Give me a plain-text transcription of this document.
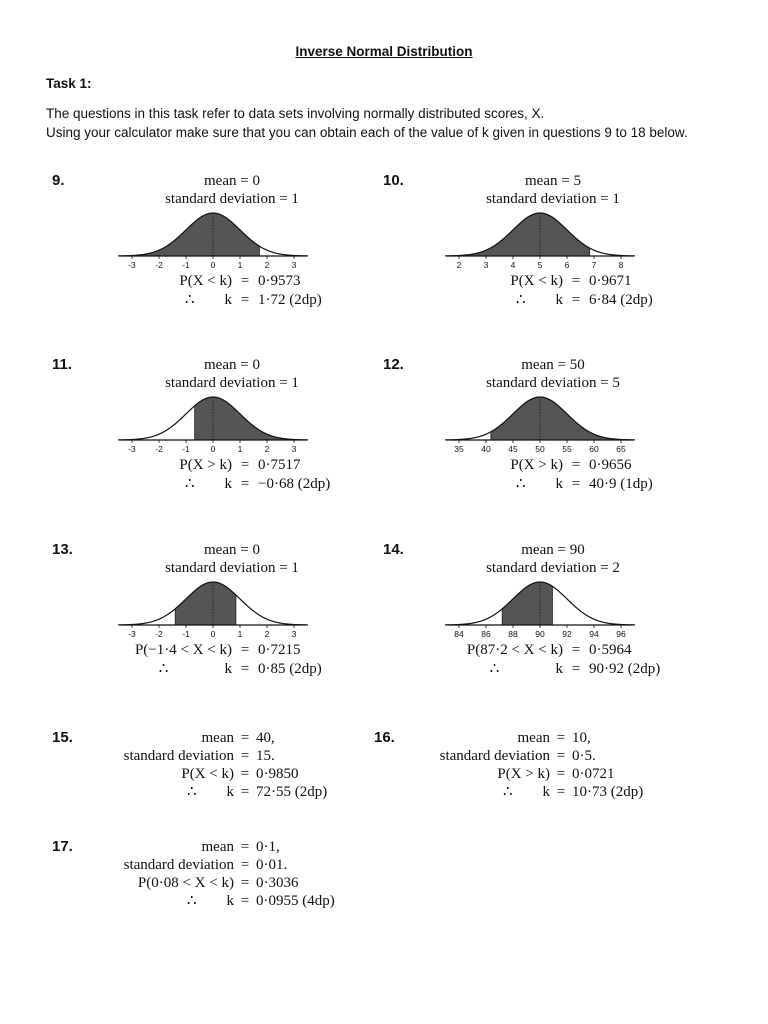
Inverse Normal Distribution
Task 1:

The questions in this task refer to data sets involving normally distributed scores, X.

Using your calculator make sure that you can obtain each of the value of k given in questions 9 to 18 below.

9.	mean = 0
standard deviation = 1
-3 -2 -1 0	1	2	3
P(X < k) = 0·9573
∴        k = 1·72 (2dp)
10.	mean = 5
standard deviation = 1
2	3	4	5	6	7	8
P(X < k) = 0·9671
∴        k = 6·84 (2dp)
11.	mean = 0
standard deviation = 1
-3 -2 -1 0	1	2	3
P(X > k) = 0·7517
∴        k = −0·68 (2dp)
12.	mean = 50
standard deviation = 5
35 40 45 50 55 60 65
P(X > k) = 0·9656
∴        k = 40·9 (1dp)
13.	mean = 0
standard deviation = 1
-3 -2 -1 0	1	2	3
P(−1·4 < X < k) = 0·7215
∴               k = 0·85 (2dp)
14.	mean = 90
standard deviation = 2
84 86 88 90 92 94 96
P(87·2 < X < k) = 0·5964
∴               k = 90·92 (2dp)
15.	mean = 40,
standard deviation = 15.
P(X < k) = 0·9850
∴        k = 72·55 (2dp)
16.	mean = 10,
standard deviation = 0·5.
P(X > k) = 0·0721
∴        k = 10·73 (2dp)
17.	mean = 0·1,
standard deviation = 0·01.
P(0·08 < X < k) = 0·3036
∴        k = 0·0955 (4dp)
